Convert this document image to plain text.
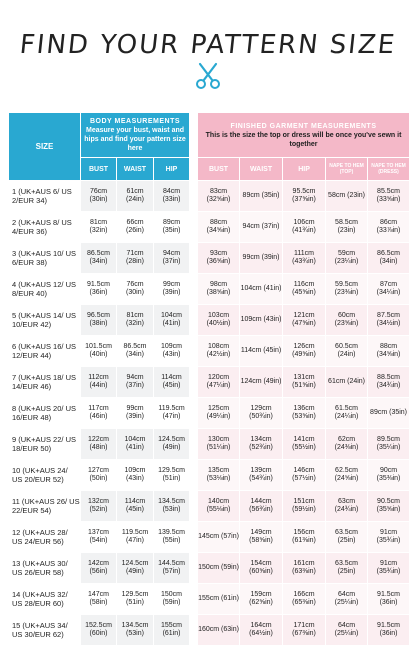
FIND YOUR PATTERN SIZE
SIZE	BODY MEASUREMENTS
Measure your bust, waist and hips and find your pattern size here				FINISHED GARMENT MEASUREMENTS
This is the size the top or dress will be once you've sewn it together				
	BUST	WAIST	HIP		BUST	WAIST	HIP	NAPE TO HEM (TOP)	NAPE TO HEM (DRESS)
1 (UK+AUS 6/ US 2/EUR 34)	76cm (30in)	61cm (24in)	84cm (33in)		83cm (32⅝in)	89cm (35in)	95.5cm (37⅝in)	58cm (23in)	85.5cm (33⅝in)
2 (UK+AUS 8/ US 4/EUR 36)	81cm (32in)	66cm (26in)	89cm (35in)		88cm (34⅝in)	94cm (37in)	106cm (41¾in)	58.5cm (23in)	86cm (33⅞in)
3 (UK+AUS 10/ US 6/EUR 38)	86.5cm (34in)	71cm (28in)	94cm (37in)		93cm (36⅝in)	99cm (39in)	111cm (43¾in)	59cm (23¼in)	86.5cm (34in)
4 (UK+AUS 12/ US 8/EUR 40)	91.5cm (36in)	76cm (30in)	99cm (39in)		98cm (38⅝in)	104cm (41in)	116cm (45⅝in)	59.5cm (23⅜in)	87cm (34¼in)
5 (UK+AUS 14/ US 10/EUR 42)	96.5cm (38in)	81cm (32in)	104cm (41in)		103cm (40½in)	109cm (43in)	121cm (47⅝in)	60cm (23⅝in)	87.5cm (34½in)
6 (UK+AUS 16/ US 12/EUR 44)	101.5cm (40in)	86.5cm (34in)	109cm (43in)		108cm (42½in)	114cm (45in)	126cm (49⅝in)	60.5cm (24in)	88cm (34⅝in)
7 (UK+AUS 18/ US 14/EUR 46)	112cm (44in)	94cm (37in)	114cm (45in)		120cm (47¼in)	124cm (49in)	131cm (51⅝in)	61cm (24in)	88.5cm (34¾in)
8 (UK+AUS 20/ US 16/EUR 48)	117cm (46in)	99cm (39in)	119.5cm (47in)		125cm (49¼in)	129cm (50¾in)	136cm (53⅝in)	61.5cm (24¼in)	89cm (35in)
9 (UK+AUS 22/ US 18/EUR 50)	122cm (48in)	104cm (41in)	124.5cm (49in)		130cm (51¼in)	134cm (52¾in)	141cm (55½in)	62cm (24⅜in)	89.5cm (35¼in)
10 (UK+AUS 24/ US 20/EUR 52)	127cm (50in)	109cm (43in)	129.5cm (51in)		135cm (53⅛in)	139cm (54¾in)	146cm (57½in)	62.5cm (24⅝in)	90cm (35⅜in)
11 (UK+AUS 26/ US 22/EUR 54)	132cm (52in)	114cm (45in)	134.5cm (53in)		140cm (55⅛in)	144cm (56¾in)	151cm (59½in)	63cm (24¾in)	90.5cm (35⅝in)
12 (UK+AUS 28/ US 24/EUR 56)	137cm (54in)	119.5cm (47in)	139.5cm (55in)		145cm (57in)	149cm (58⅝in)	156cm (61⅜in)	63.5cm (25in)	91cm (35¾in)
13 (UK+AUS 30/ US 26/EUR 58)	142cm (56in)	124.5cm (49in)	144.5cm (57in)		150cm (59in)	154cm (60⅝in)	161cm (63⅜in)	63.5cm (25in)	91cm (35¾in)
14 (UK+AUS 32/ US 28/EUR 60)	147cm (58in)	129.5cm (51in)	150cm (59in)		155cm (61in)	159cm (62⅝in)	166cm (65⅜in)	64cm (25¼in)	91.5cm (36in)
15 (UK+AUS 34/ US 30/EUR 62)	152.5cm (60in)	134.5cm (53in)	155cm (61in)		160cm (63in)	164cm (64½in)	171cm (67⅜in)	64cm (25¼in)	91.5cm (36in)
